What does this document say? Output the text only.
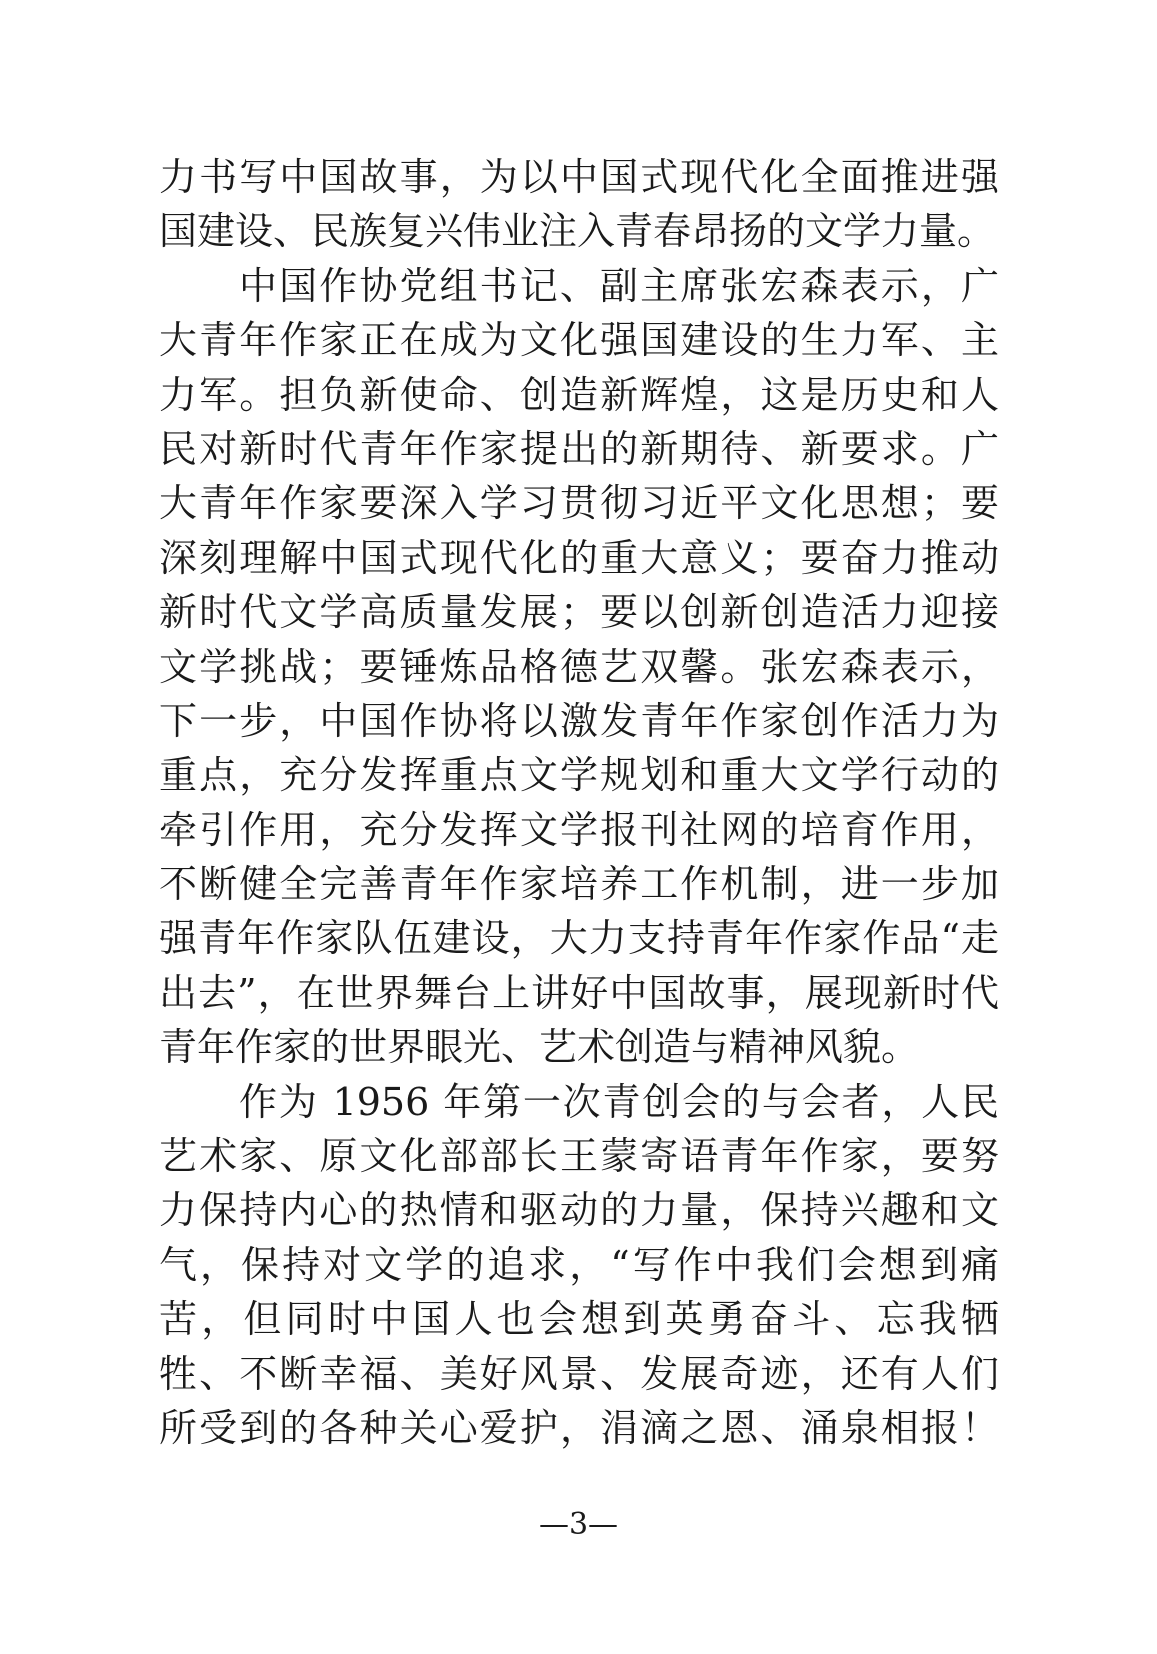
力书写中国故事，为以中国式现代化全面推进强
国建设、民族复兴伟业注入青春昂扬的文学力量。
中国作协党组书记、副主席张宏森表示，广
大青年作家正在成为文化强国建设的生力军、主
力军。担负新使命、创造新辉煌，这是历史和人
民对新时代青年作家提出的新期待、新要求。广
大青年作家要深入学习贯彻习近平文化思想；要
深刻理解中国式现代化的重大意义；要奋力推动
新时代文学高质量发展；要以创新创造活力迎接
文学挑战；要锤炼品格德艺双馨。张宏森表示，
下一步，中国作协将以激发青年作家创作活力为
重点，充分发挥重点文学规划和重大文学行动的
牵引作用，充分发挥文学报刊社网的培育作用，
不断健全完善青年作家培养工作机制，进一步加
强青年作家队伍建设，大力支持青年作家作品“走
出去”，在世界舞台上讲好中国故事，展现新时代
青年作家的世界眼光、艺术创造与精神风貌。
作为 1956 年第一次青创会的与会者，人民
艺术家、原文化部部长王蒙寄语青年作家，要努
力保持内心的热情和驱动的力量，保持兴趣和文
气，保持对文学的追求，“写作中我们会想到痛
苦，但同时中国人也会想到英勇奋斗、忘我牺
牲、不断幸福、美好风景、发展奇迹，还有人们
所受到的各种关心爱护，涓滴之恩、涌泉相报！
—3—
